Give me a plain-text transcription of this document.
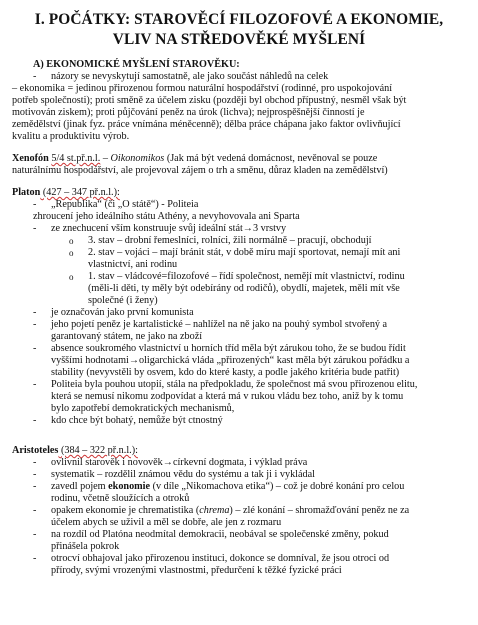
I. POČÁTKY: STAROVĚCÍ FILOZOFOVÉ A EKONOMIE,
VLIV NA STŘEDOVĚKÉ MYŠLENÍ
A) EKONOMICKÉ MYŠLENÍ STAROVĚKU:
- názory se nevyskytují samostatně, ale jako součást náhledů na celek
– ekonomika = jedinou přirozenou formou naturální hospodářství (rodinné, pro uspokojování
potřeb společnosti); proti směně za účelem zisku (později byl obchod přípustný, nesměl však být
motivován ziskem); proti půjčování peněz na úrok (lichva); nejprospěšnější činností je
zemědělství (jinak fyz. práce vnímána méněcenně); dělba práce chápana jako faktor ovlivňující
kvalitu a produktivitu výrob.
Xenofón 5/4 st.př.n.l. – Oikonomikos (Jak má být vedená domácnost, nevěnoval se pouze
naturálnímu hospodářství, ale projevoval zájem o trh a směnu, důraz kladen na zemědělství)
Platon (427 – 347 př.n.l.):
- „Republika“ (či „O státě“) - Politeia
zhroucení jeho ideálního státu Athény, a nevyhovovala ani Sparta
- ze znechucení vším konstruuje svůj ideální stát→3 vrstvy
o 3. stav – drobní řemeslníci, rolníci, žili normálně – pracují, obchodují
o 2. stav – vojáci – mají bránit stát, v době míru mají sportovat, nemají mít ani
vlastnictví, ani rodinu
o 1. stav – vládcové=filozofové – řídí společnost, nemějí mít vlastnictví, rodinu
(měli-li děti, ty měly být odebírány od rodičů), obydlí, majetek, měli mít vše
společné (i ženy)
- je označován jako první komunista
- jeho pojetí peněz je kartalistické – nahlížel na ně jako na pouhý symbol stvořený a
garantovaný státem, ne jako na zboží
- absence soukromého vlastnictví u horních tříd měla být zárukou toho, že se budou řídit
vyššími hodnotami→oligarchická vláda „přirozených“ kast měla být zárukou pořádku a
stability (nevyvstěli by osvem, kdo do které kasty, a podle jakého kritéria bude patřit)
- Politeia byla pouhou utopií, stála na předpokladu, že společnost má svou přirozenou elitu,
která se nemusí nikomu zodpovídat a která má v rukou vládu bez toho, aniž by k tomu
bylo zapotřebí demokratických mechanismů,
- kdo chce být bohatý, nemůže být ctnostný
Aristoteles (384 – 322 př.n.l.):
- ovlivnil starověk i novověk→církevní dogmata, i výklad práva
- systematik – rozdělil známou vědu do systému a tak ji i vykládal
- zavedl pojem ekonomie (v díle „Nikomachova etika“) – což je dobré konání pro celou
rodinu, včetně sloužících a otroků
- opakem ekonomie je chrematistika (chrema) – zlé konání – shromažďování peněz ne za
účelem abych se uživil a měl se dobře, ale jen z rozmaru
- na rozdíl od Platóna neodmítal demokracii, neobával se společenské změny, pokud
přinášela pokrok
- otrocví obhajoval jako přirozenou instituci, dokonce se domníval, že jsou otroci od
přírody, svými vrozenými vlastnostmi, předurčení k těžké fyzické práci
